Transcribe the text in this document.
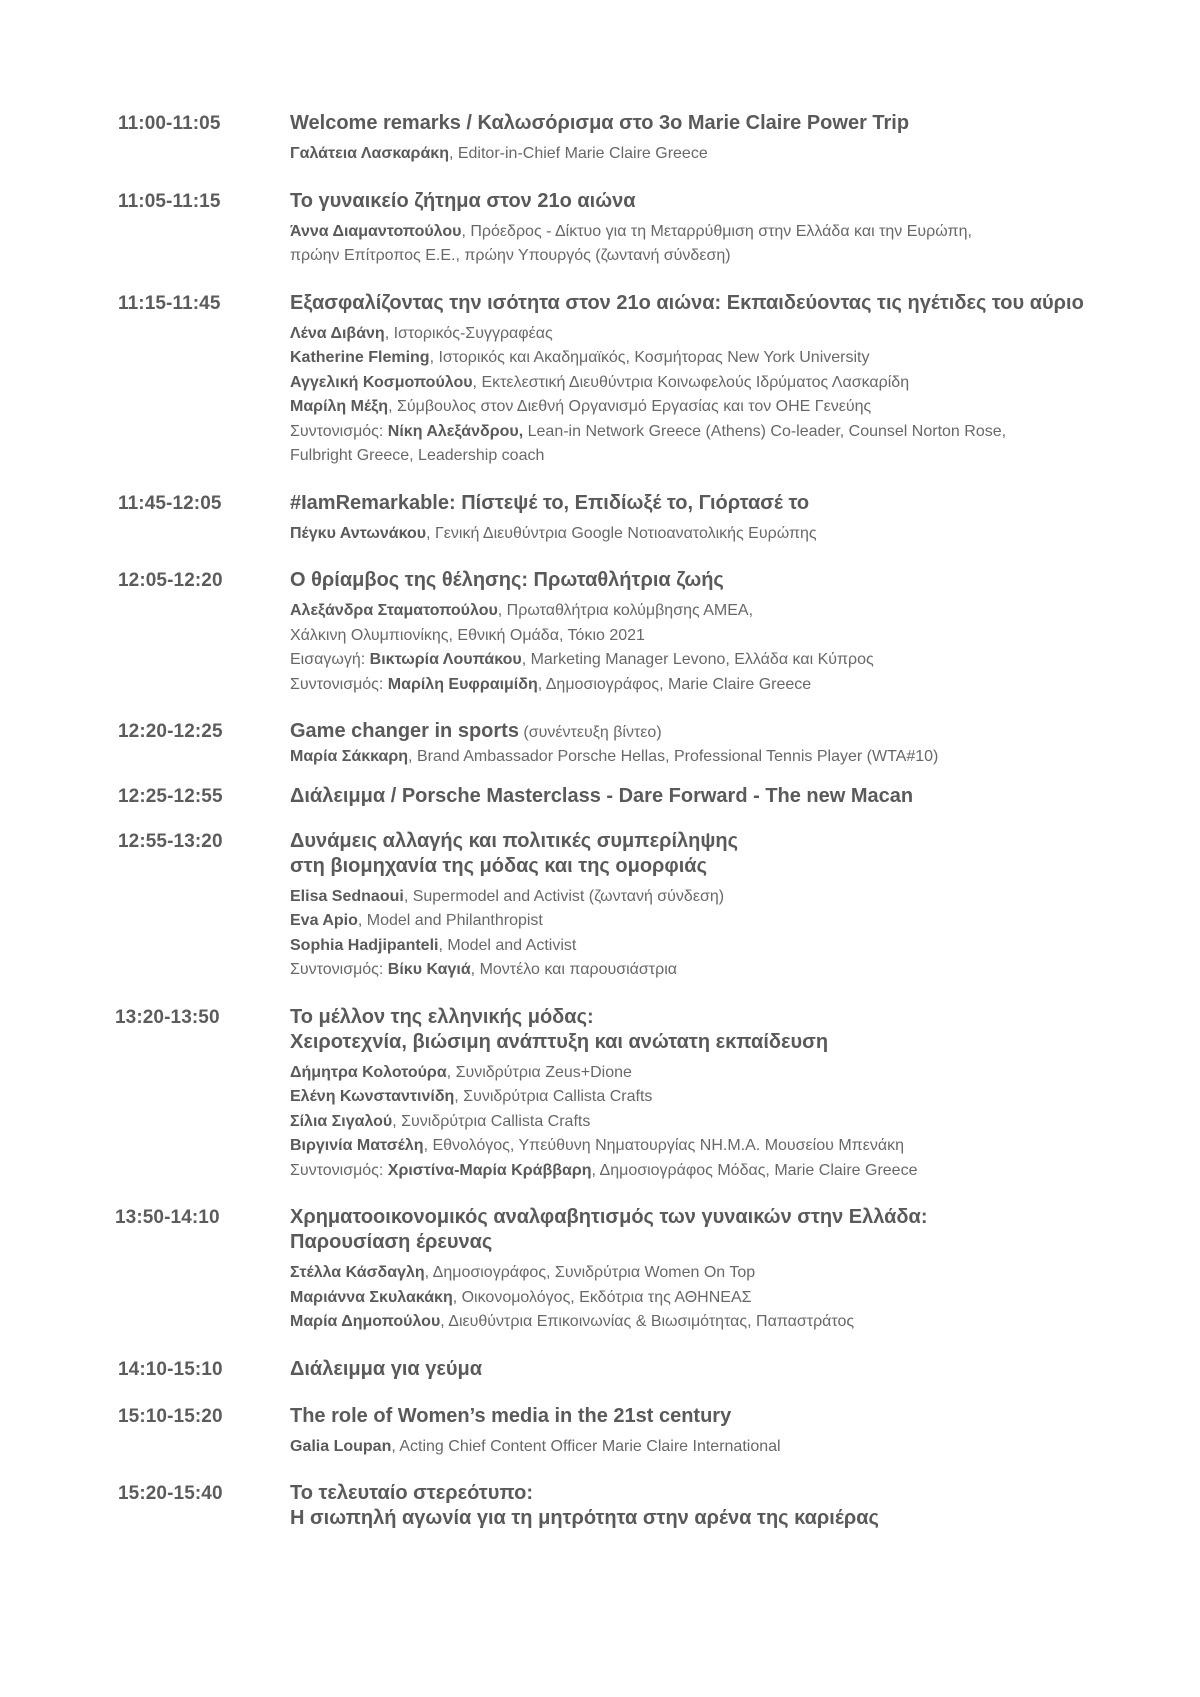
11:00-11:05	Welcome remarks / Καλωσόρισμα στο 3ο Marie Claire Power Trip
Γαλάτεια Λασκαράκη, Editor-in-Chief Marie Claire Greece
11:05-11:15	Το γυναικείο ζήτημα στον 21ο αιώνα
Άννα Διαμαντοπούλου, Πρόεδρος - Δίκτυο για τη Μεταρρύθμιση στην Ελλάδα και την Ευρώπη,
πρώην Επίτροπος Ε.Ε., πρώην Υπουργός (ζωντανή σύνδεση)
11:15-11:45	Εξασφαλίζοντας την ισότητα στον 21ο αιώνα: Εκπαιδεύοντας τις ηγέτιδες του αύριο
Λένα Διβάνη, Ιστορικός-Συγγραφέας
Katherine Fleming, Ιστορικός και Ακαδημαϊκός, Κοσμήτορας New York University
Αγγελική Κοσμοπούλου, Εκτελεστική Διευθύντρια Κοινωφελούς Ιδρύματος Λασκαρίδη
Μαρίλη Μέξη, Σύμβουλος στον Διεθνή Οργανισμό Εργασίας και τον ΟΗΕ Γενεύης
Συντονισμός: Νίκη Αλεξάνδρου, Lean-in Network Greece (Athens) Co-leader, Counsel Norton Rose,
Fulbright Greece, Leadership coach
11:45-12:05	#IamRemarkable: Πίστεψέ το, Επιδίωξέ το, Γιόρτασέ το
Πέγκυ Αντωνάκου, Γενική Διευθύντρια Google Νοτιοανατολικής Ευρώπης
12:05-12:20	Ο θρίαμβος της θέλησης: Πρωταθλήτρια ζωής
Αλεξάνδρα Σταματοπούλου, Πρωταθλήτρια κολύμβησης ΑΜΕΑ,
Χάλκινη Ολυμπιονίκης, Εθνική Ομάδα, Τόκιο 2021
Εισαγωγή: Βικτωρία Λουπάκου, Marketing Manager Levono, Ελλάδα και Κύπρος
Συντονισμός: Μαρίλη Ευφραιμίδη, Δημοσιογράφος, Marie Claire Greece
12:20-12:25	Game changer in sports (συνέντευξη βίντεο)
Μαρία Σάκκαρη, Brand Ambassador Porsche Hellas, Professional Tennis Player (WTA#10)
12:25-12:55	Διάλειμμα / Porsche Masterclass - Dare Forward - The new Macan
12:55-13:20	Δυνάμεις αλλαγής και πολιτικές συμπερίληψης
στη βιομηχανία της μόδας και της ομορφιάς
Elisa Sednaoui, Supermodel and Activist (ζωντανή σύνδεση)
Eva Apio, Model and Philanthropist
Sophia Hadjipanteli, Model and Activist
Συντονισμός: Βίκυ Καγιά, Μοντέλο και παρουσιάστρια
13:20-13:50	Το μέλλον της ελληνικής μόδας:
Χειροτεχνία, βιώσιμη ανάπτυξη και ανώτατη εκπαίδευση
Δήμητρα Κολοτούρα, Συνιδρύτρια Zeus+Dione
Ελένη Κωνσταντινίδη, Συνιδρύτρια Callista Crafts
Σίλια Σιγαλού, Συνιδρύτρια Callista Crafts
Βιργινία Ματσέλη, Εθνολόγος, Υπεύθυνη Νηματουργίας ΝΗ.Μ.Α. Μουσείου Μπενάκη
Συντονισμός: Χριστίνα-Μαρία Κράββαρη, Δημοσιογράφος Μόδας, Marie Claire Greece
13:50-14:10	Χρηματοοικονομικός αναλφαβητισμός των γυναικών στην Ελλάδα:
Παρουσίαση έρευνας
Στέλλα Κάσδαγλη, Δημοσιογράφος, Συνιδρύτρια Women On Top
Μαριάννα Σκυλακάκη, Οικονομολόγος, Εκδότρια της ΑΘΗΝΕΑΣ
Μαρία Δημοπούλου, Διευθύντρια Επικοινωνίας & Βιωσιμότητας, Παπαστράτος
14:10-15:10	Διάλειμμα για γεύμα
15:10-15:20	The role of Women’s media in the 21st century
Galia Loupan, Acting Chief Content Officer Marie Claire International
15:20-15:40	Το τελευταίο στερεότυπο:
Η σιωπηλή αγωνία για τη μητρότητα στην αρένα της καριέρας
